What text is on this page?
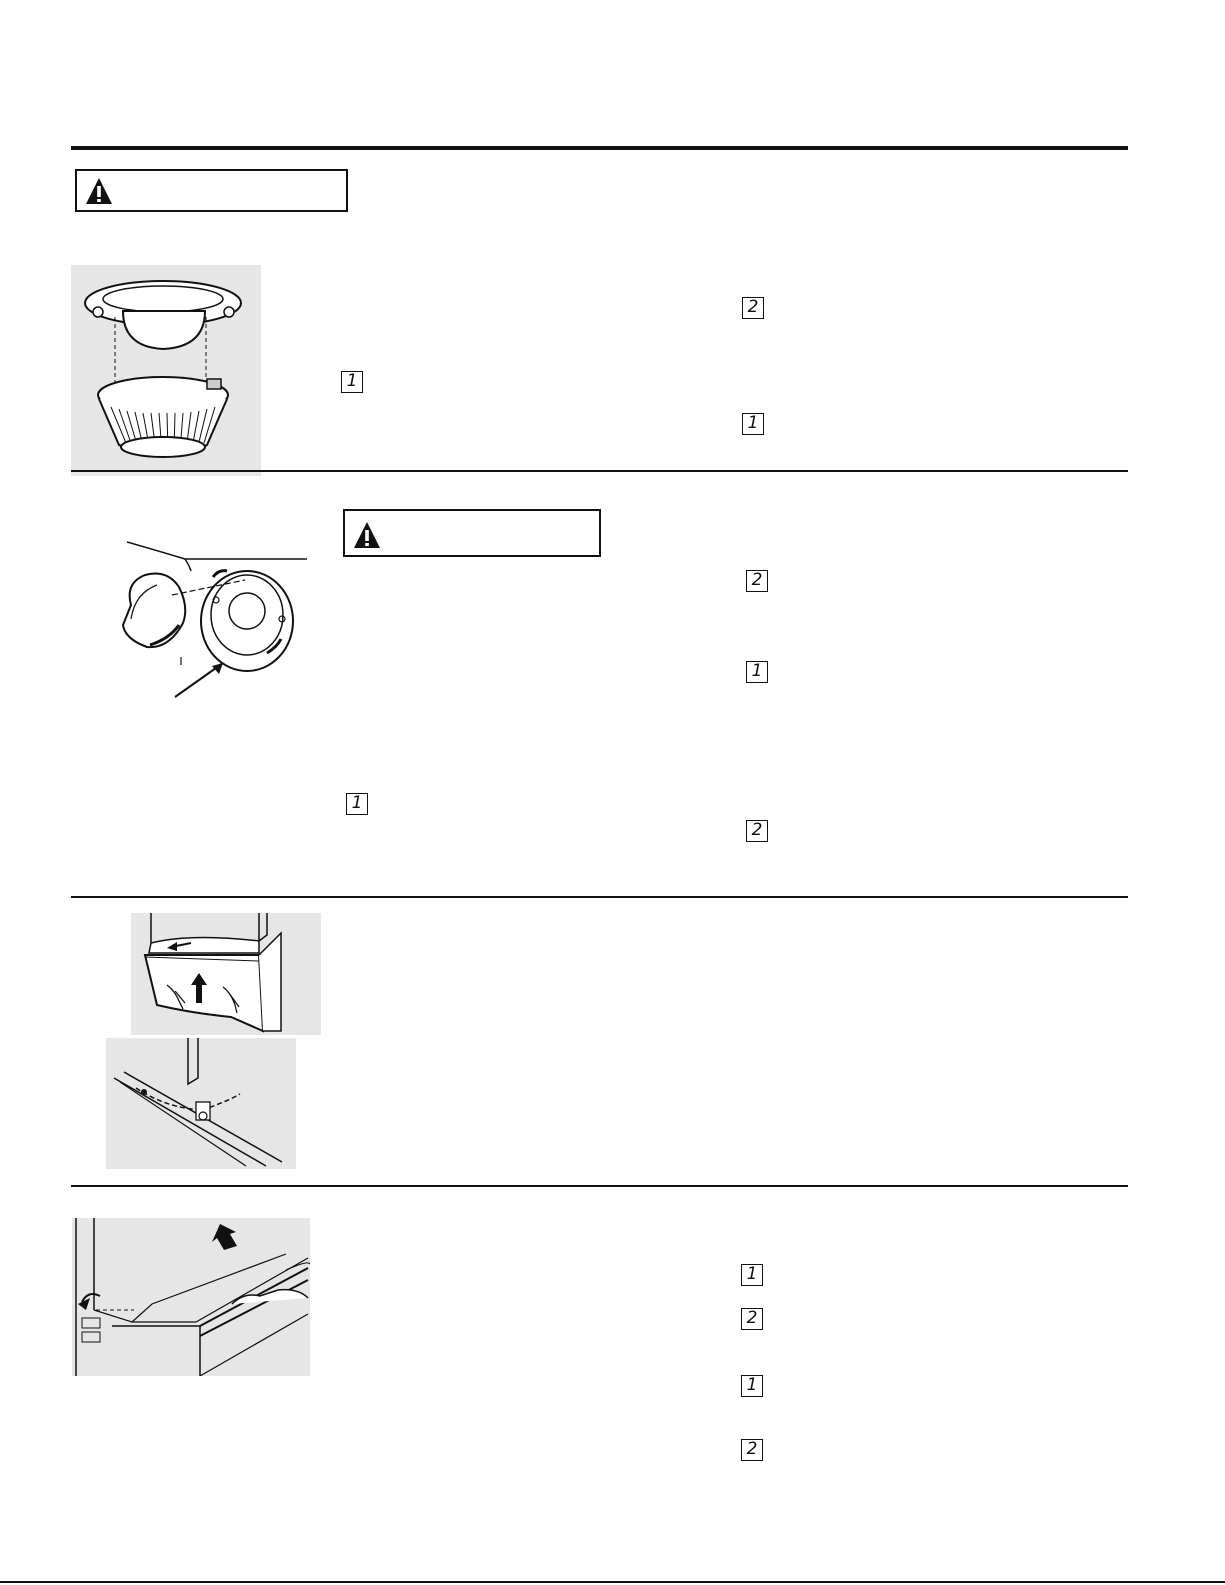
1
2
1
2
1
1
2
1
2
1
2
